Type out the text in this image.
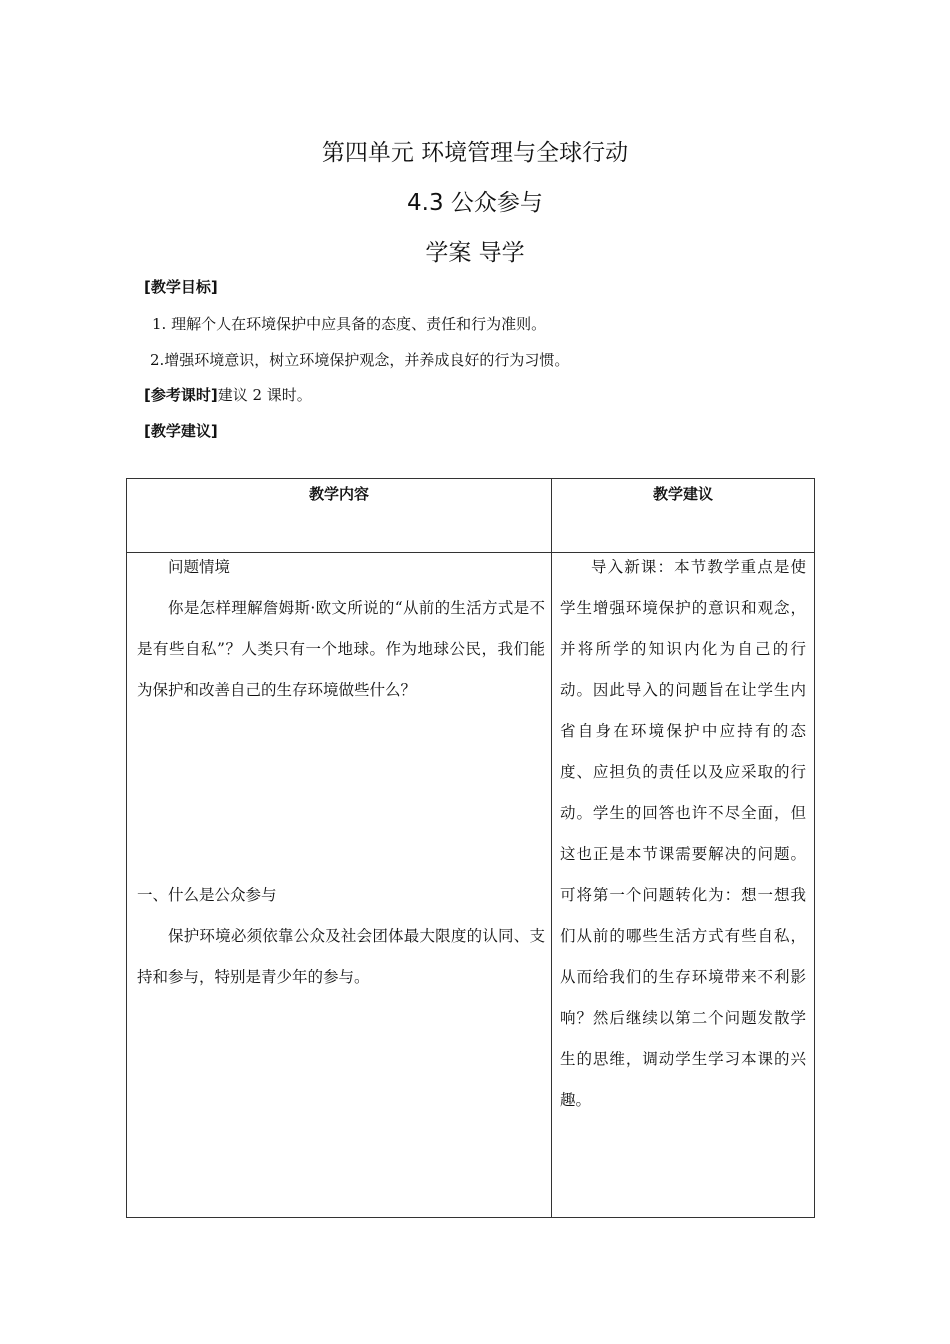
第四单元 环境管理与全球行动
4.3 公众参与
学案 导学
[教学目标]
1. 理解个人在环境保护中应具备的态度、责任和行为准则。
2.增强环境意识，树立环境保护观念，并养成良好的行为习惯。
[参考课时]建议 2 课时。
[教学建议]
教学内容	教学建议

问题情境

你是怎样理解詹姆斯·欧文所说的“从前的生活方式是不是有些自私”？人类只有一个地球。作为地球公民，我们能为保护和改善自己的生存环境做些什么？

一、什么是公众参与

保护环境必须依靠公众及社会团体最大限度的认同、支持和参与，特别是青少年的参与。

导入新课：本节教学重点是使学生增强环境保护的意识和观念，并将所学的知识内化为自己的行动。因此导入的问题旨在让学生内省自身在环境保护中应持有的态度、应担负的责任以及应采取的行动。学生的回答也许不尽全面，但这也正是本节课需要解决的问题。可将第一个问题转化为：想一想我们从前的哪些生活方式有些自私，从而给我们的生存环境带来不利影响？然后继续以第二个问题发散学生的思维，调动学生学习本课的兴趣。
